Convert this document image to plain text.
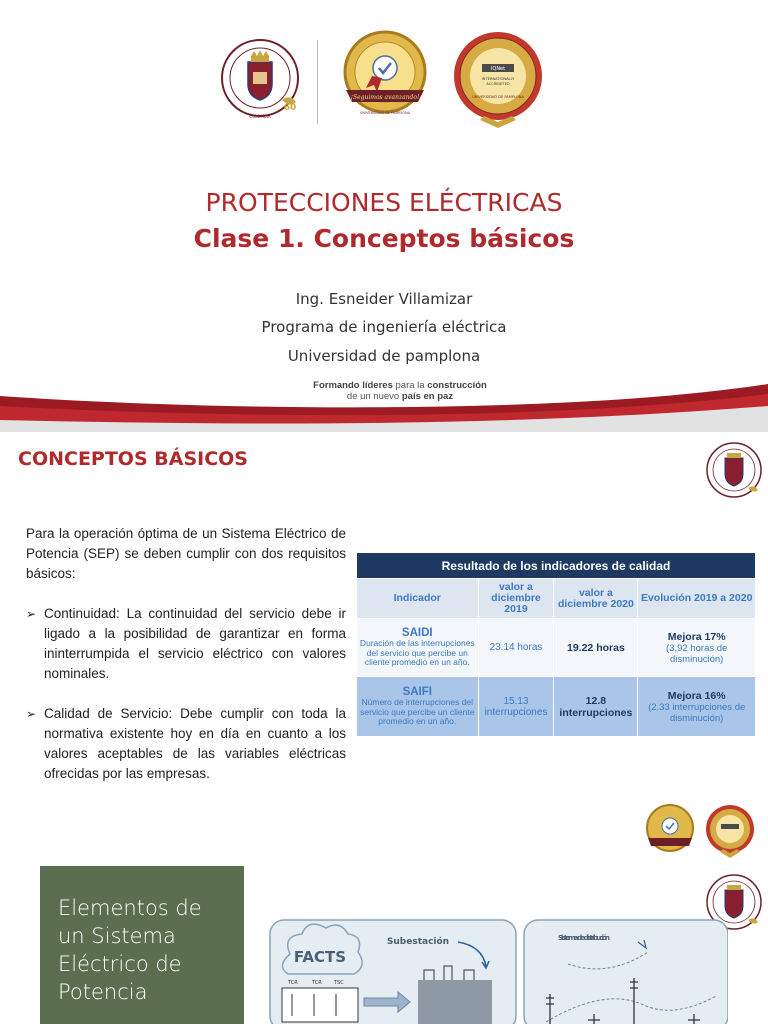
60
COLOMBIA
¡Seguimos avanzando!
UNIVERSIDAD DE PAMPLONA
IQNet
INTERNATIONALLY
ACCREDITED
UNIVERSIDAD DE PAMPLONA
PROTECCIONES ELÉCTRICAS
Clase 1. Conceptos básicos
Ing. Esneider Villamizar
Programa de ingeniería eléctrica
Universidad de pamplona
Formando líderes para la construcción
de un nuevo país en paz
CONCEPTOS BÁSICOS

Para la operación óptima de un Sistema Eléctrico de Potencia (SEP) se deben cumplir con dos requisitos básicos:

➢ Continuidad: La continuidad del servicio debe ir ligado a la posibilidad de garantizar en forma ininterrumpida el servicio eléctrico con valores nominales.
➢ Calidad de Servicio: Debe cumplir con toda la normativa existente hoy en día en cuanto a los valores aceptables de las variables eléctricas ofrecidas por las empresas.
Resultado de los indicadores de calidad			
Indicador	valor a diciembre 2019	valor a diciembre 2020	Evolución 2019 a 2020

SAIDI
Duración de las interrupciones del servicio que percibe un cliente promedio en un año.	23.14 horas	19.22 horas	Mejora 17%
(3,92 horas de disminución)

SAIFI
Número de interrupciones del servicio que percibe un cliente promedio en un año.	15.13 interrupciones	12.8 interrupciones	Mejora 16%
(2.33 interrupciones de disminución)
Elementos de un Sistema Eléctrico de Potencia
FACTS
TCR	TCR TSC
Subestación	Sistema de distribución
